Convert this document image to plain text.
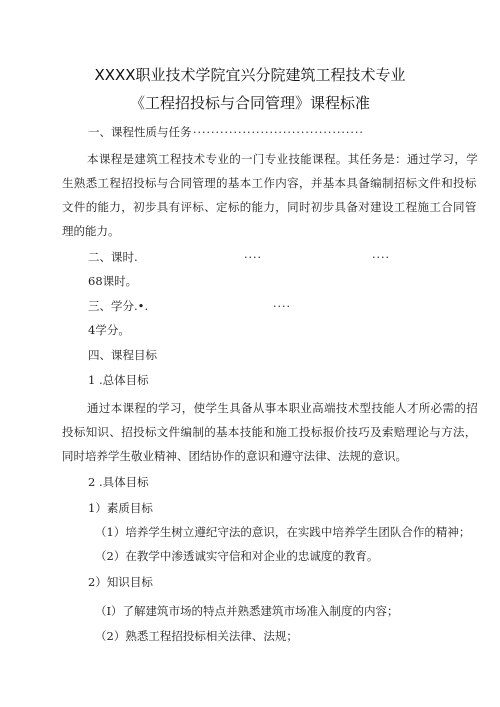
XXXX职业技术学院宜兴分院建筑工程技术专业
《工程招投标与合同管理》课程标准
一、课程性质与任务 ......................................
本课程是建筑工程技术专业的一门专业技能课程。其任务是：通过学习，学
生熟悉工程招投标与合同管理的基本工作内容，并基本具备编制招标文件和投标
文件的能力，初步具有评标、定标的能力，同时初步具备对建设工程施工合同管
理的能力。
二、课时.	....	....
68课时。
三、学分.•.	....
4学分。
四、课程目标
1 .总体目标
通过本课程的学习，使学生具备从事本职业高端技术型技能人才所必需的招
投标知识、招投标文件编制的基本技能和施工投标报价技巧及索赔理论与方法，
同时培养学生敬业精神、团结协作的意识和遵守法律、法规的意识。
2 .具体目标
1）素质目标
（1）培养学生树立遵纪守法的意识，在实践中培养学生团队合作的精神；
（2）在教学中渗透诚实守信和对企业的忠诚度的教育。
2）知识目标
（I）了解建筑市场的特点并熟悉建筑市场准入制度的内容；
（2）熟悉工程招投标相关法律、法规；
